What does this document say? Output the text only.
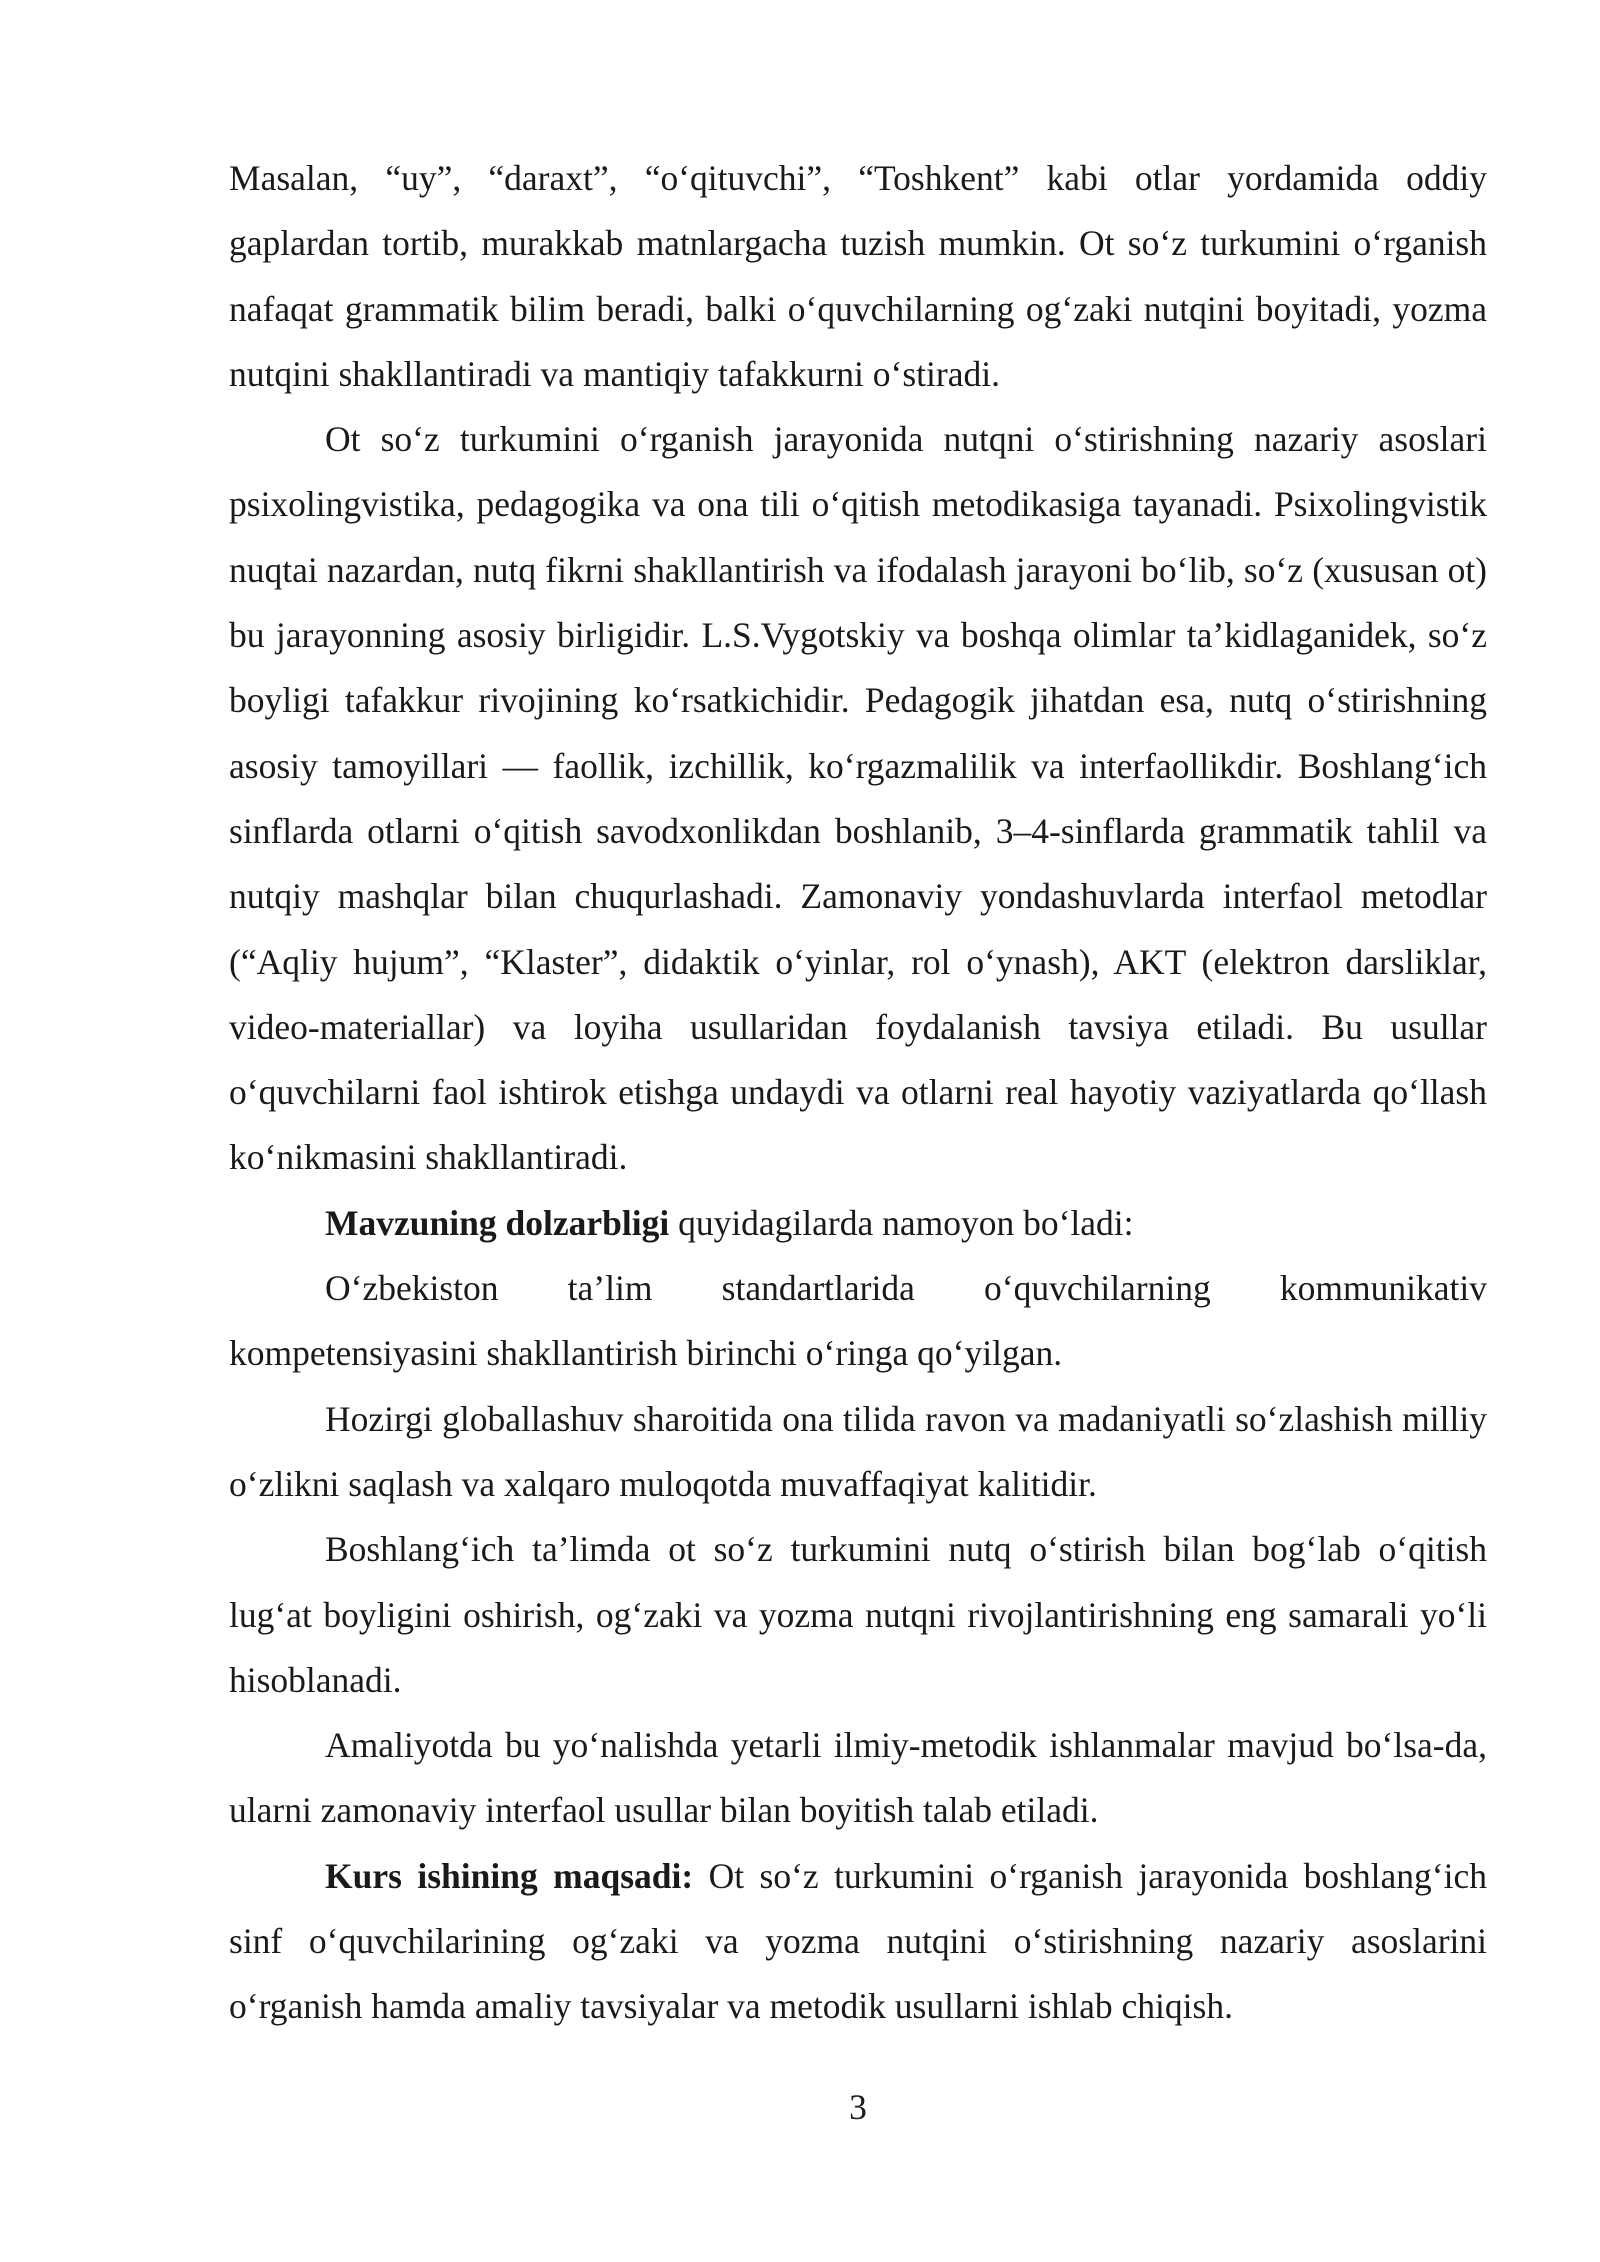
Masalan, “uy”, “daraxt”, “o‘qituvchi”, “Toshkent” kabi otlar yordamida oddiy gaplardan tortib, murakkab matnlargacha tuzish mumkin. Ot so‘z turkumini o‘rganish nafaqat grammatik bilim beradi, balki o‘quvchilarning og‘zaki nutqini boyitadi, yozma nutqini shakllantiradi va mantiqiy tafakkurni o‘stiradi.

Ot so‘z turkumini o‘rganish jarayonida nutqni o‘stirishning nazariy asoslari psixolingvistika, pedagogika va ona tili o‘qitish metodikasiga tayanadi. Psixolingvistik nuqtai nazardan, nutq fikrni shakllantirish va ifodalash jarayoni bo‘lib, so‘z (xususan ot) bu jarayonning asosiy birligidir. L.S.Vygotskiy va boshqa olimlar ta’kidlaganidek, so‘z boyligi tafakkur rivojining ko‘rsatkichidir. Pedagogik jihatdan esa, nutq o‘stirishning asosiy tamoyillari — faollik, izchillik, ko‘rgazmalilik va interfaollikdir. Boshlang‘ich sinflarda otlarni o‘qitish savodxonlikdan boshlanib, 3–4-sinflarda grammatik tahlil va nutqiy mashqlar bilan chuqurlashadi. Zamonaviy yondashuvlarda interfaol metodlar (“Aqliy hujum”, “Klaster”, didaktik o‘yinlar, rol o‘ynash), AKT (elektron darsliklar, video-materiallar) va loyiha usullaridan foydalanish tavsiya etiladi. Bu usullar o‘quvchilarni faol ishtirok etishga undaydi va otlarni real hayotiy vaziyatlarda qo‘llash ko‘nikmasini shakllantiradi.

Mavzuning dolzarbligi quyidagilarda namoyon bo‘ladi:

O‘zbekiston ta’lim standartlarida o‘quvchilarning kommunikativ kompetensiyasini shakllantirish birinchi o‘ringa qo‘yilgan.

Hozirgi globallashuv sharoitida ona tilida ravon va madaniyatli so‘zlashish milliy o‘zlikni saqlash va xalqaro muloqotda muvaffaqiyat kalitidir.

Boshlang‘ich ta’limda ot so‘z turkumini nutq o‘stirish bilan bog‘lab o‘qitish lug‘at boyligini oshirish, og‘zaki va yozma nutqni rivojlantirishning eng samarali yo‘li hisoblanadi.

Amaliyotda bu yo‘nalishda yetarli ilmiy-metodik ishlanmalar mavjud bo‘lsa-da, ularni zamonaviy interfaol usullar bilan boyitish talab etiladi.

Kurs ishining maqsadi: Ot so‘z turkumini o‘rganish jarayonida boshlang‘ich sinf o‘quvchilarining og‘zaki va yozma nutqini o‘stirishning nazariy asoslarini o‘rganish hamda amaliy tavsiyalar va metodik usullarni ishlab chiqish.

3
